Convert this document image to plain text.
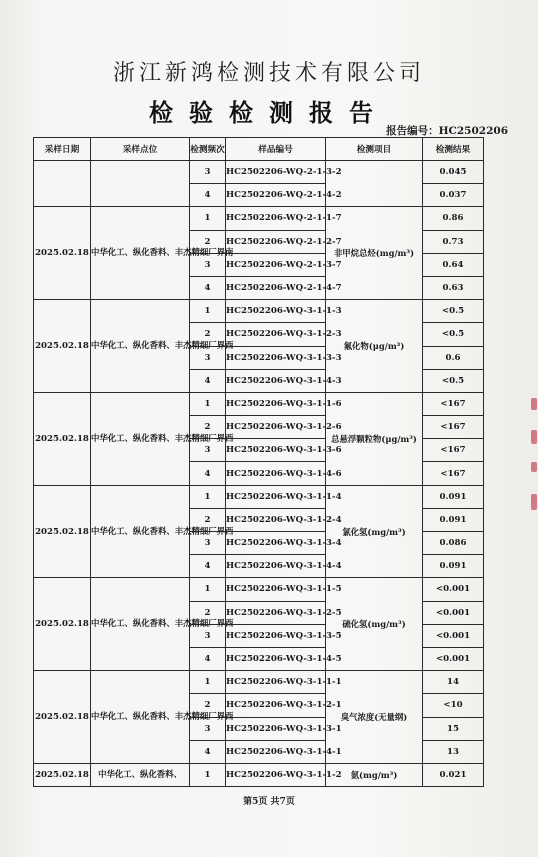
浙江新鸿检测技术有限公司
检验检测报告
报告编号：HC2502206
采样日期	采样点位	检测频次	样品编号	检测项目	检测结果
		3	HC2502206-WQ-2-1-3-2		0.045
		4	HC2502206-WQ-2-1-4-2		0.037
2025.02.18	中华化工、纵化香料、丰杰精细厂界南	1	HC2502206-WQ-2-1-1-7	非甲烷总烃(mg/m³)	0.86
		2	HC2502206-WQ-2-1-2-7		0.73
		3	HC2502206-WQ-2-1-3-7		0.64
		4	HC2502206-WQ-2-1-4-7		0.63
2025.02.18	中华化工、纵化香料、丰杰精细厂界西	1	HC2502206-WQ-3-1-1-3	氟化物(μg/m³)	<0.5
		2	HC2502206-WQ-3-1-2-3		<0.5
		3	HC2502206-WQ-3-1-3-3		0.6
		4	HC2502206-WQ-3-1-4-3		<0.5
2025.02.18	中华化工、纵化香料、丰杰精细厂界西	1	HC2502206-WQ-3-1-1-6	总悬浮颗粒物(μg/m³)	<167
		2	HC2502206-WQ-3-1-2-6		<167
		3	HC2502206-WQ-3-1-3-6		<167
		4	HC2502206-WQ-3-1-4-6		<167
2025.02.18	中华化工、纵化香料、丰杰精细厂界西	1	HC2502206-WQ-3-1-1-4	氯化氢(mg/m³)	0.091
		2	HC2502206-WQ-3-1-2-4		0.091
		3	HC2502206-WQ-3-1-3-4		0.086
		4	HC2502206-WQ-3-1-4-4		0.091
2025.02.18	中华化工、纵化香料、丰杰精细厂界西	1	HC2502206-WQ-3-1-1-5	硫化氢(mg/m³)	<0.001
		2	HC2502206-WQ-3-1-2-5		<0.001
		3	HC2502206-WQ-3-1-3-5		<0.001
		4	HC2502206-WQ-3-1-4-5		<0.001
2025.02.18	中华化工、纵化香料、丰杰精细厂界西	1	HC2502206-WQ-3-1-1-1	臭气浓度(无量纲)	14
		2	HC2502206-WQ-3-1-2-1		<10
		3	HC2502206-WQ-3-1-3-1		15
		4	HC2502206-WQ-3-1-4-1		13
2025.02.18	中华化工、纵化香料、	1	HC2502206-WQ-3-1-1-2	氨(mg/m³)	0.021
第5页 共7页
